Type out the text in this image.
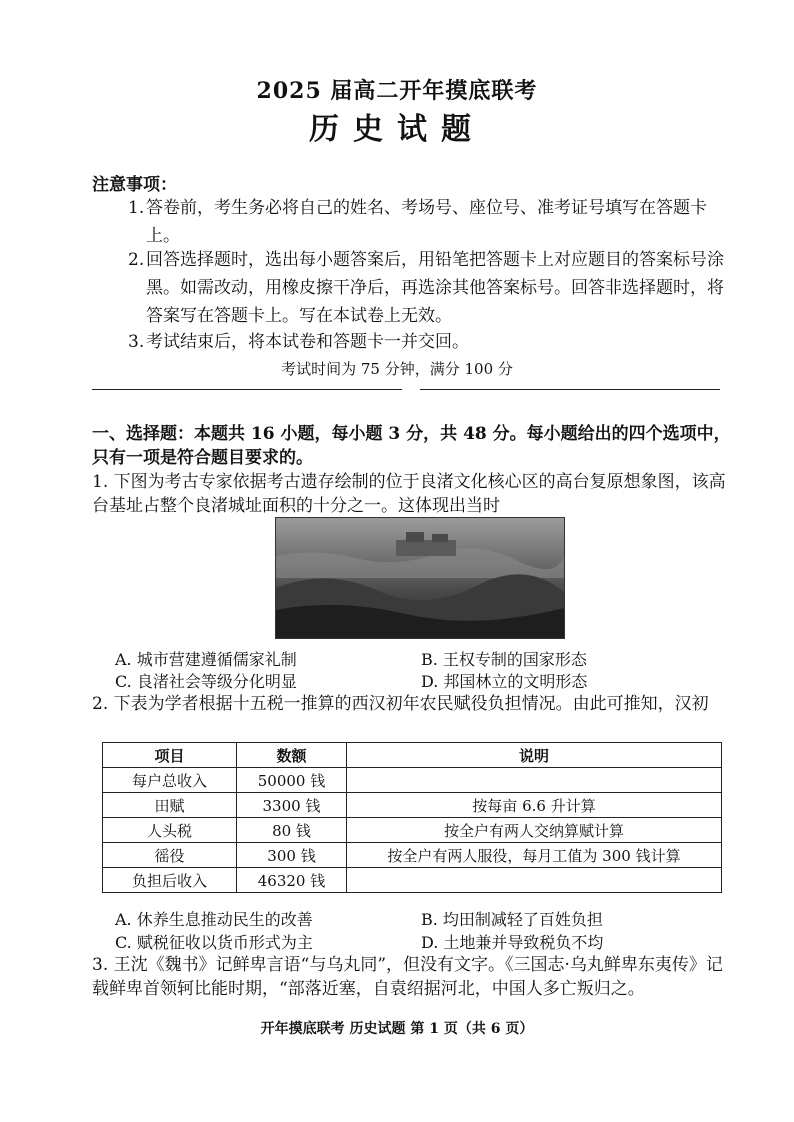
2025 届高二开年摸底联考
历史试题
注意事项：
1. 答卷前，考生务必将自己的姓名、考场号、座位号、准考证号填写在答题卡上。
2. 回答选择题时，选出每小题答案后，用铅笔把答题卡上对应题目的答案标号涂黑。如需改动，用橡皮擦干净后，再选涂其他答案标号。回答非选择题时，将答案写在答题卡上。写在本试卷上无效。
3. 考试结束后，将本试卷和答题卡一并交回。
考试时间为 75 分钟，满分 100 分
一、选择题：本题共 16 小题，每小题 3 分，共 48 分。每小题给出的四个选项中，只有一项是符合题目要求的。
1. 下图为考古专家依据考古遗存绘制的位于良渚文化核心区的高台复原想象图，该高台基址占整个良渚城址面积的十分之一。这体现出当时
A. 城市营建遵循儒家礼制	B. 王权专制的国家形态
C. 良渚社会等级分化明显	D. 邦国林立的文明形态
2. 下表为学者根据十五税一推算的西汉初年农民赋役负担情况。由此可推知，汉初
项目	数额	说明
每户总收入	50000 钱	
田赋	3300 钱	按每亩 6.6 升计算
人头税	80 钱	按全户有两人交纳算赋计算
徭役	300 钱	按全户有两人服役，每月工值为 300 钱计算
负担后收入	46320 钱	
A. 休养生息推动民生的改善	B. 均田制减轻了百姓负担
C. 赋税征收以货币形式为主	D. 土地兼并导致税负不均
3. 王沈《魏书》记鲜卑言语“与乌丸同”，但没有文字。《三国志·乌丸鲜卑东夷传》记载鲜卑首领轲比能时期，“部落近塞，自袁绍据河北，中国人多亡叛归之。
开年摸底联考 历史试题 第 1 页（共 6 页）
